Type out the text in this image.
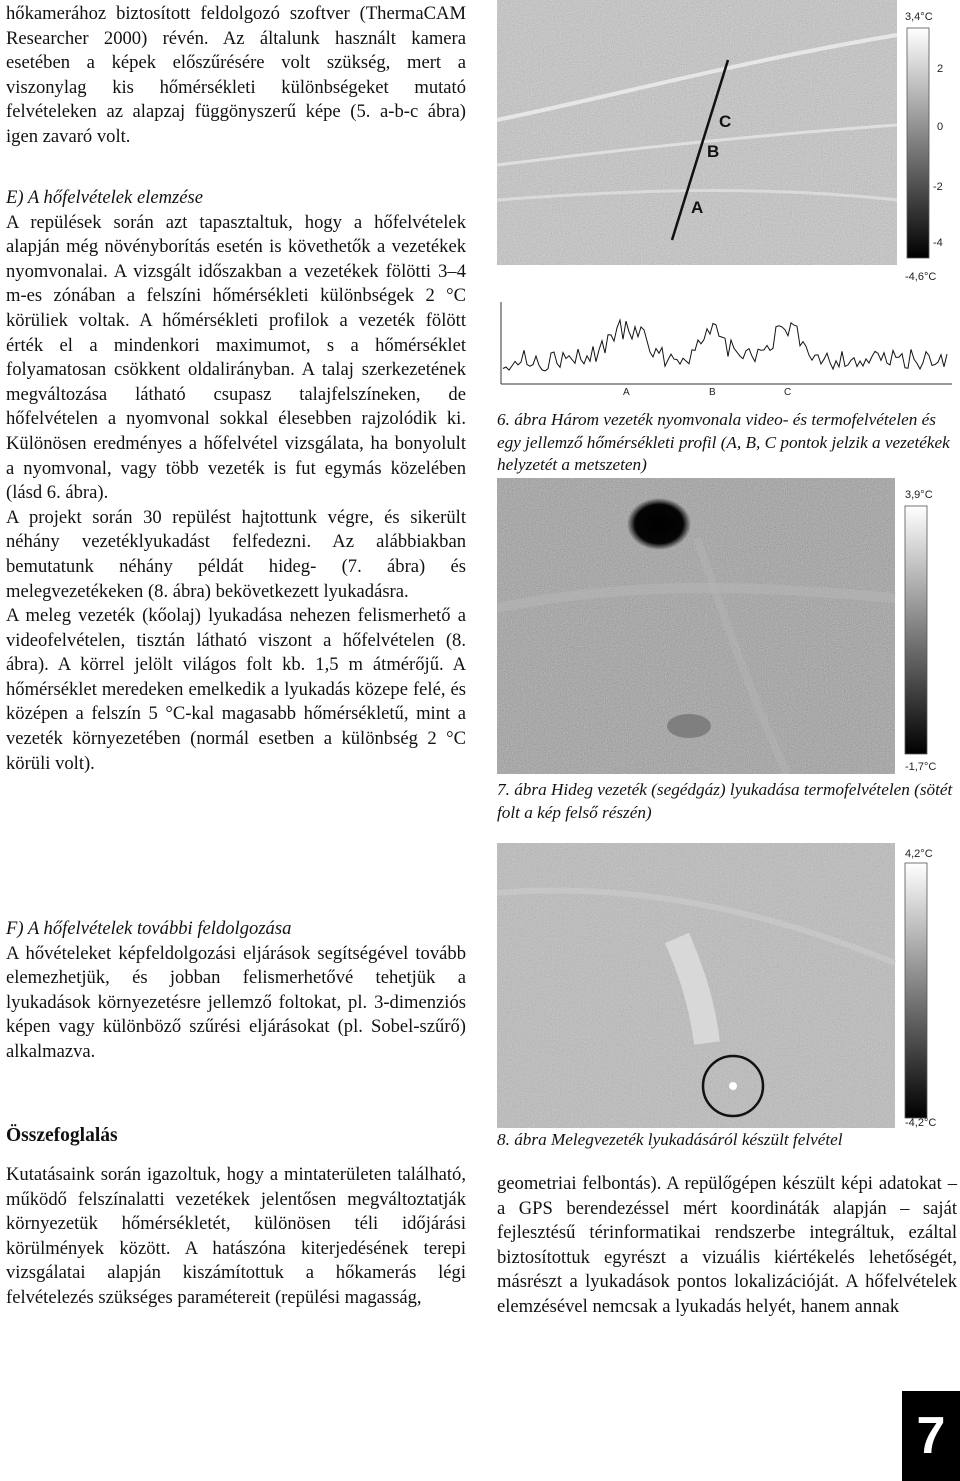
hőkamerához biztosított feldolgozó szoftver (ThermaCAM Researcher 2000) révén. Az általunk használt kamera esetében a képek előszűrésére volt szükség, mert a viszonylag kis hőmérsékleti különbségeket mutató felvételeken az alapzaj függönyszerű képe (5. a-b-c ábra) igen zavaró volt.

E) A hőfelvételek elemzése

A repülések során azt tapasztaltuk, hogy a hőfelvételek alapján még növényborítás esetén is követhetők a vezetékek nyomvonalai. A vizsgált időszakban a vezetékek fölötti 3–4 m-es zónában a felszíni hőmérsékleti különbségek 2 °C körüliek voltak. A hőmérsékleti profilok a vezeték fölött érték el a mindenkori maximumot, s a hőmérséklet folyamatosan csökkent oldalirányban. A talaj szerkezetének megváltozása látható csupasz talajfelszíneken, de hőfelvételen a nyomvonal sokkal élesebben rajzolódik ki. Különösen eredményes a hőfelvétel vizsgálata, ha bonyolult a nyomvonal, vagy több vezeték is fut egymás közelében (lásd 6. ábra).

A projekt során 30 repülést hajtottunk végre, és sikerült néhány vezetéklyukadást felfedezni. Az alábbiakban bemutatunk néhány példát hideg- (7. ábra) és melegvezetékeken (8. ábra) bekövetkezett lyukadásra.

A meleg vezeték (kőolaj) lyukadása nehezen felismerhető a videofelvételen, tisztán látható viszont a hőfelvételen (8. ábra). A körrel jelölt világos folt kb. 1,5 m átmérőjű. A hőmérséklet meredeken emelkedik a lyukadás közepe felé, és középen a felszín 5 °C-kal magasabb hőmérsékletű, mint a vezeték környezetében (normál esetben a különbség 2 °C körüli volt).

F) A hőfelvételek további feldolgozása

A hővételeket képfeldolgozási eljárások segítségével tovább elemezhetjük, és jobban felismerhetővé tehetjük a lyukadások környezetésre jellemző foltokat, pl. 3-dimenziós képen vagy különböző szűrési eljárásokat (pl. Sobel-szűrő) alkalmazva.

Összefoglalás

Kutatásaink során igazoltuk, hogy a mintaterületen található, működő felszínalatti vezetékek jelentősen megváltoztatják környezetük hőmérsékletét, különösen téli időjárási körülmények között. A hatászóna kiterjedésének terepi vizsgálatai alapján kiszámítottuk a hőkamerás légi felvételezés szükséges paramétereit (repülési magasság,

C
B
A
3,4°C
2
0
-2
-4
-4,6°C
A	B	C
6. ábra Három vezeték nyomvonala video- és termofelvételen és egy jellemző hőmérsékleti profil (A, B, C pontok jelzik a vezetékek helyzetét a metszeten)
3,9°C
-1,7°C
7. ábra Hideg vezeték (segédgáz) lyukadása termofelvételen (sötét folt a kép felső részén)
4,2°C
-4,2°C
8. ábra Melegvezeték lyukadásáról készült felvétel

geometriai felbontás). A repülőgépen készült képi adatokat – a GPS berendezéssel mért koordináták alapján – saját fejlesztésű térinformatikai rendszerbe integráltuk, ezáltal biztosítottuk egyrészt a vizuális kiértékelés lehetőségét, másrészt a lyukadások pontos lokalizációját. A hőfelvételek elemzésével nemcsak a lyukadás helyét, hanem annak

7
